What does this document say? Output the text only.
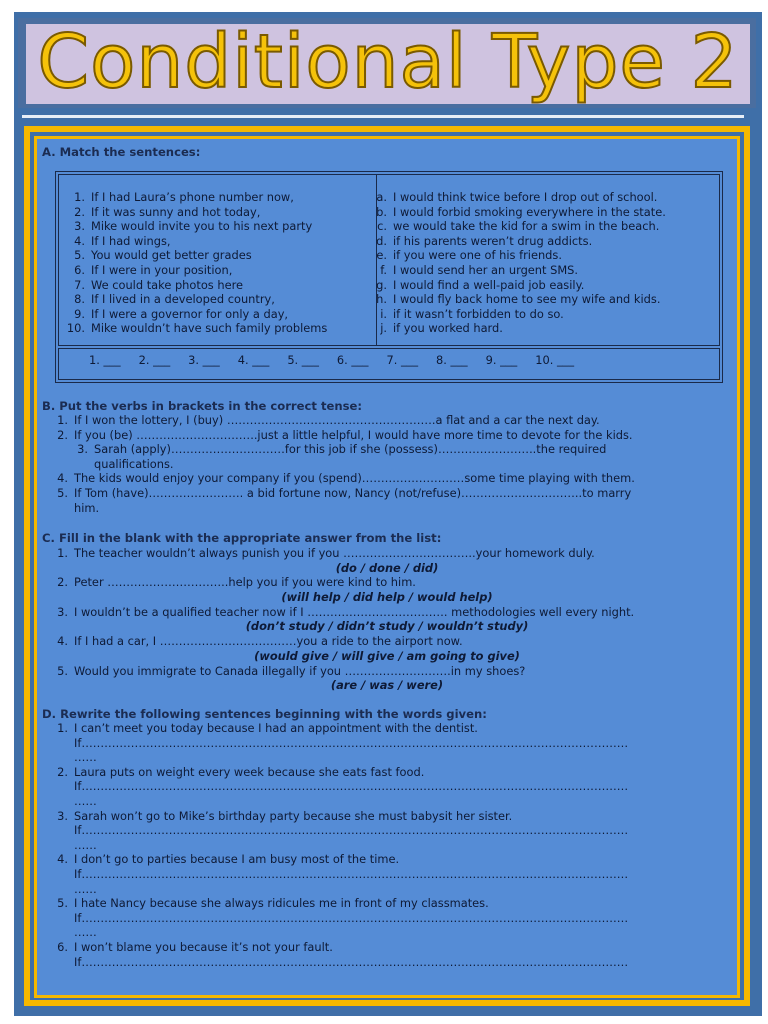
Conditional Type 2
A. Match the sentences:
1. If I had Laura’s phone number now,
2. If it was sunny and hot today,
3. Mike would invite you to his next party
4. If I had wings,
5. You would get better grades
6. If I were in your position,
7. We could take photos here
8. If I lived in a developed country,
9. If I were a governor for only a day,
10. Mike wouldn’t have such family problems
a. I would think twice before I drop out of school.
b. I would forbid smoking everywhere in the state.
c. we would take the kid for a swim in the beach.
d. if his parents weren’t drug addicts.
e. if you were one of his friends.
f. I would send her an urgent SMS.
g. I would find a well-paid job easily.
h. I would fly back home to see my wife and kids.
i. if it wasn’t forbidden to do so.
j. if you worked hard.
1. ___ 2. ___ 3. ___ 4. ___ 5. ___ 6. ___ 7. ___ 8. ___ 9. ___ 10. ___
B. Put the verbs in brackets in the correct tense:
1. If I won the lottery, I (buy) ……………………………………………….a flat and a car the next day.
2. If you (be) …………………………..just a little helpful, I would have more time to devote for the kids.
3. Sarah (apply)…………………………for this job if she (possess)……………………..the required
qualifications.
4. The kids would enjoy your company if you (spend)………………………some time playing with them.
5. If Tom (have)……………………. a bid fortune now, Nancy (not/refuse)…………………………..to marry
him.
C. Fill in the blank with the appropriate answer from the list:
1. The teacher wouldn’t always punish you if you ……………………………..your homework duly.
(do / done / did)
2. Peter …………………………..help you if you were kind to him.
(will help / did help / would help)
3. I wouldn’t be a qualified teacher now if I ………………………………. methodologies well every night.
(don’t study / didn’t study / wouldn’t study)
4. If I had a car, I ………………………………you a ride to the airport now.
(would give / will give / am going to give)
5. Would you immigrate to Canada illegally if you ……………………….in my shoes?
(are / was / were)
D. Rewrite the following sentences beginning with the words given:
1. I can’t meet you today because I had an appointment with the dentist.
If………………………………………………………………………………………………………………………………
……
2. Laura puts on weight every week because she eats fast food.
If………………………………………………………………………………………………………………………………
……
3. Sarah won’t go to Mike’s birthday party because she must babysit her sister.
If………………………………………………………………………………………………………………………………
……
4. I don’t go to parties because I am busy most of the time.
If………………………………………………………………………………………………………………………………
……
5. I hate Nancy because she always ridicules me in front of my classmates.
If………………………………………………………………………………………………………………………………
……
6. I won’t blame you because it’s not your fault.
If………………………………………………………………………………………………………………………………
